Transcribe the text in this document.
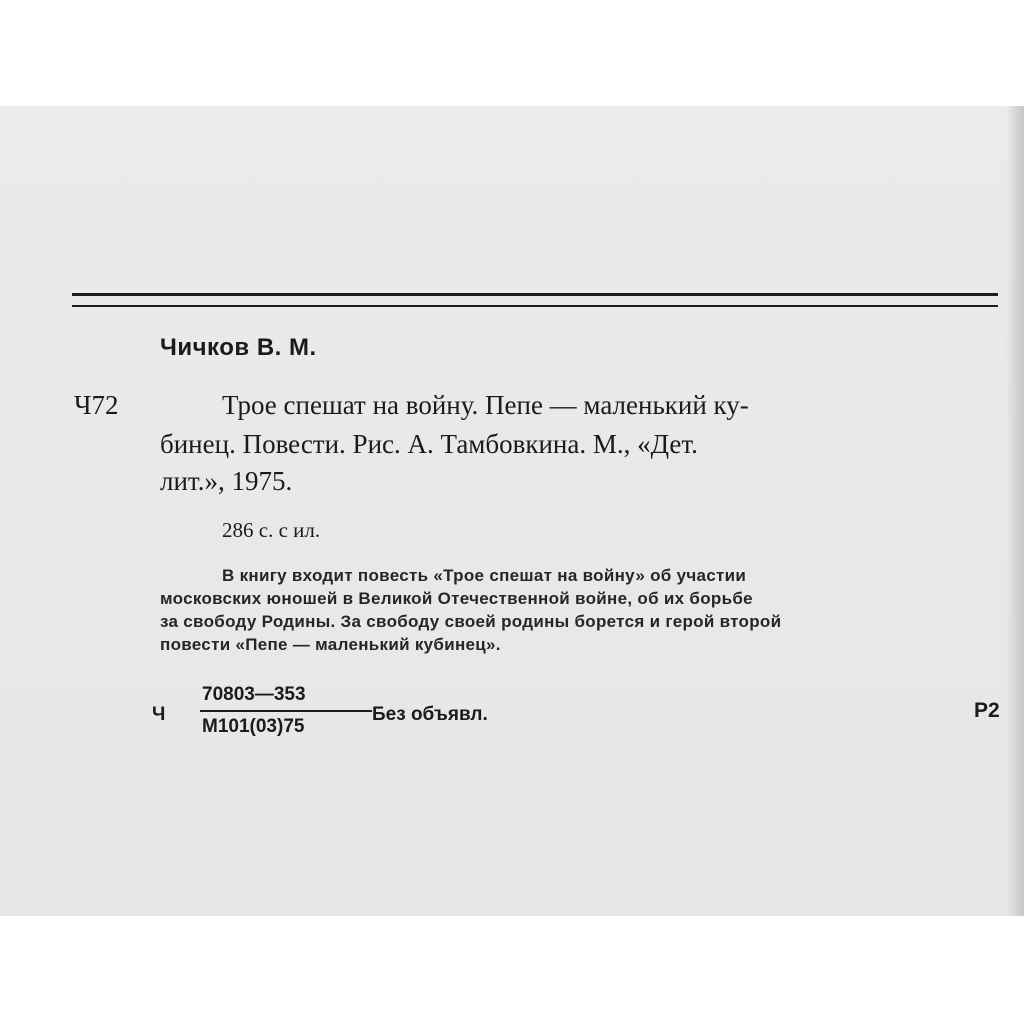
Чичков В. М.
Ч72	Трое спешат на войну. Пепе — маленький ку-
бинец. Повести. Рис. А. Тамбовкина. М., «Дет.
лит.», 1975.
286 с. с ил.
В книгу входит повесть «Трое спешат на войну» об участии
московских юношей в Великой Отечественной войне, об их борьбе
за свободу Родины. За свободу своей родины борется и герой второй
повести «Пепе — маленький кубинец».
Ч
70803—353
М101(03)75
Без объявл.	Р2
